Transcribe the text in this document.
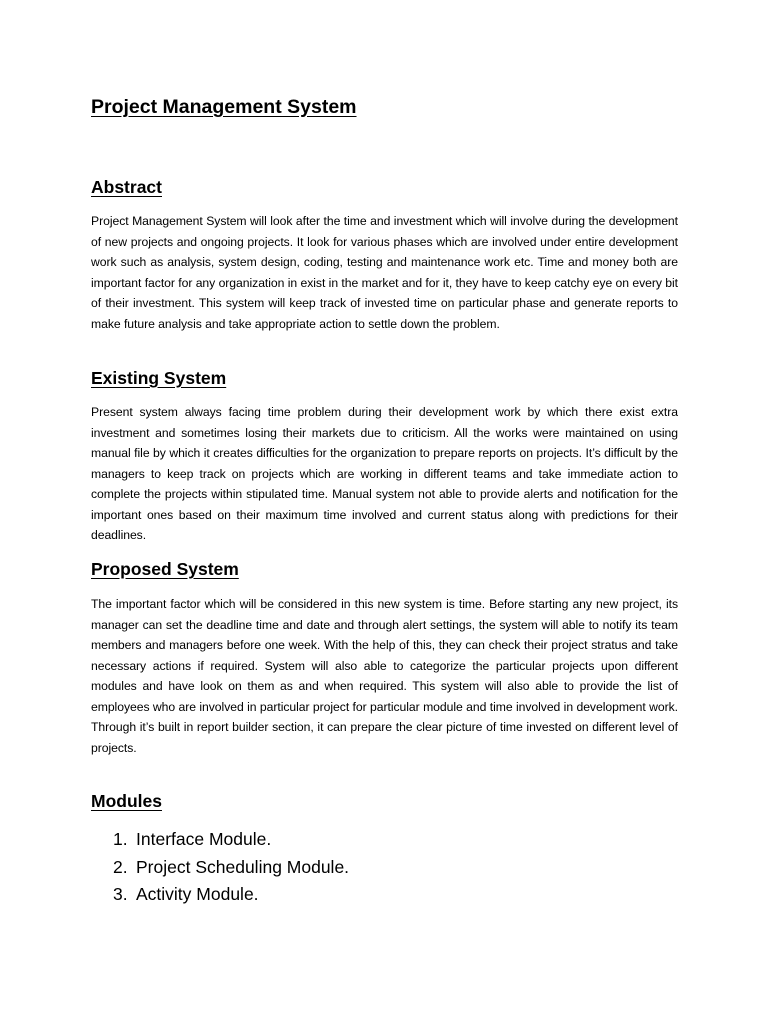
Project Management System
Abstract

Project Management System will look after the time and investment which will involve during the development of new projects and ongoing projects. It look for various phases which are involved under entire development work such as analysis, system design, coding, testing and maintenance work etc. Time and money both are important factor for any organization in exist in the market and for it, they have to keep catchy eye on every bit of their investment. This system will keep track of invested time on particular phase and generate reports to make future analysis and take appropriate action to settle down the problem.

Existing System

Present system always facing time problem during their development work by which there exist extra investment and sometimes losing their markets due to criticism. All the works were maintained on using manual file by which it creates difficulties for the organization to prepare reports on projects. It’s difficult by the managers to keep track on projects which are working in different teams and take immediate action to complete the projects within stipulated time. Manual system not able to provide alerts and notification for the important ones based on their maximum time involved and current status along with predictions for their deadlines.

Proposed System

The important factor which will be considered in this new system is time. Before starting any new project, its manager can set the deadline time and date and through alert settings, the system will able to notify its team members and managers before one week. With the help of this, they can check their project stratus and take necessary actions if required. System will also able to categorize the particular projects upon different modules and have look on them as and when required. This system will also able to provide the list of employees who are involved in particular project for particular module and time involved in development work. Through it’s built in report builder section, it can prepare the clear picture of time invested on different level of projects.

Modules
1. Interface Module.
2. Project Scheduling Module.
3. Activity Module.
